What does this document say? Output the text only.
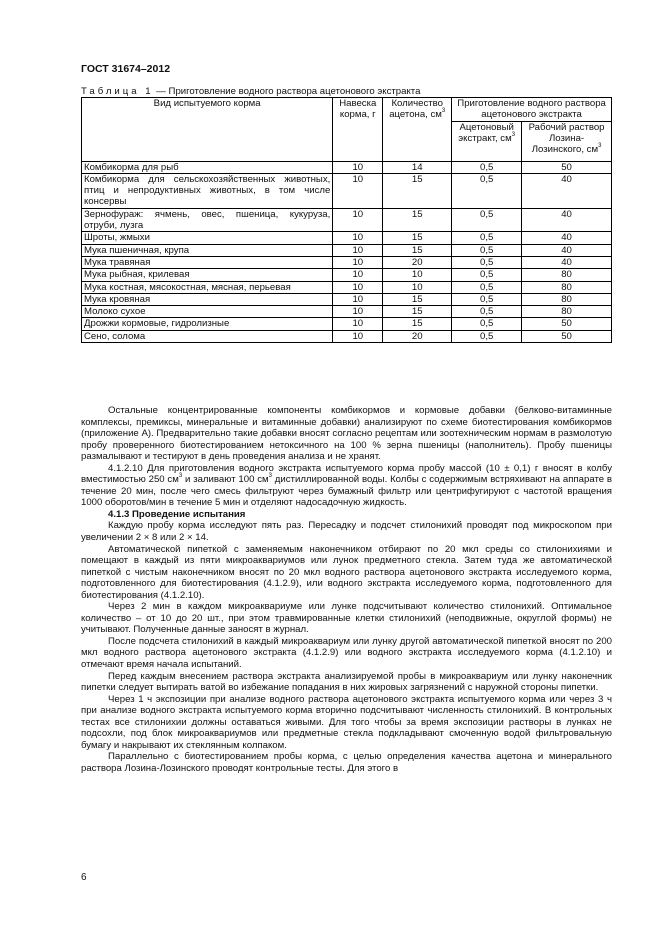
ГОСТ 31674–2012
Таблица 1 — Приготовление водного раствора ацетонового экстракта
Вид испытуемого корма	Навеска корма, г	Количество ацетона, $см^3$	Приготовление водного раствора ацетонового экстракта	
			Ацетоновый экстракт, $см^3$	Рабочий раствор Лозина-Лозинского, $см^3$
Комбикорма для рыб	10	14	0,5	50
Комбикорма для сельскохозяйственных животных, птиц и непродуктивных животных, в том числе консервы	10	15	0,5	40
Зернофураж: ячмень, овес, пшеница, кукуруза, отруби, лузга	10	15	0,5	40
Шроты, жмыхи	10	15	0,5	40
Мука пшеничная, крупа	10	15	0,5	40
Мука травяная	10	20	0,5	40
Мука рыбная, крилевая	10	10	0,5	80
Мука костная, мясокостная, мясная, перьевая	10	10	0,5	80
Мука кровяная	10	15	0,5	80
Молоко сухое	10	15	0,5	80
Дрожжи кормовые, гидролизные	10	15	0,5	50
Сено, солома	10	20	0,5	50

Остальные концентрированные компоненты комбикормов и кормовые добавки (белково-витаминные комплексы, премиксы, минеральные и витаминные добавки) анализируют по схеме биотестирования комбикормов (приложение А). Предварительно такие добавки вносят согласно рецептам или зоотехническим нормам в размолотую пробу проверенного биотестированием нетоксичного на 100 % зерна пшеницы (наполнитель). Пробу пшеницы размалывают и тестируют в день проведения анализа и не хранят.

4.1.2.10 Для приготовления водного экстракта испытуемого корма пробу массой (10 ± 0,1) г вносят в колбу вместимостью 250 $см^3$ и заливают 100 $см^3$ дистиллированной воды. Колбы с содержимым встряхивают на аппарате в течение 20 мин, после чего смесь фильтруют через бумажный фильтр или центрифугируют с частотой вращения 1000 оборотов/мин в течение 5 мин и отделяют надосадочную жидкость.

4.1.3 Проведение испытания

Каждую пробу корма исследуют пять раз. Пересадку и подсчет стилонихий проводят под микроскопом при увеличении 2 × 8 или 2 × 14.

Автоматической пипеткой с заменяемым наконечником отбирают по 20 мкл среды со стилонихиями и помещают в каждый из пяти микроаквариумов или лунок предметного стекла. Затем туда же автоматической пипеткой с чистым наконечником вносят по 20 мкл водного раствора ацетонового экстракта исследуемого корма, подготовленного для биотестирования (4.1.2.9), или водного экстракта исследуемого корма, подготовленного для биотестирования (4.1.2.10).

Через 2 мин в каждом микроаквариуме или лунке подсчитывают количество стилонихий. Оптимальное количество – от 10 до 20 шт., при этом травмированные клетки стилонихий (неподвижные, округлой формы) не учитывают. Полученные данные заносят в журнал.

После подсчета стилонихий в каждый микроаквариум или лунку другой автоматической пипеткой вносят по 200 мкл водного раствора ацетонового экстракта (4.1.2.9) или водного экстракта исследуемого корма (4.1.2.10) и отмечают время начала испытаний.

Перед каждым внесением раствора экстракта анализируемой пробы в микроаквариум или лунку наконечник пипетки следует вытирать ватой во избежание попадания в них жировых загрязнений с наружной стороны пипетки.

Через 1 ч экспозиции при анализе водного раствора ацетонового экстракта испытуемого корма или через 3 ч при анализе водного экстракта испытуемого корма вторично подсчитывают численность стилонихий. В контрольных тестах все стилонихии должны оставаться живыми. Для того чтобы за время экспозиции растворы в лунках не подсохли, под блок микроаквариумов или предметные стекла подкладывают смоченную водой фильтровальную бумагу и накрывают их стеклянным колпаком.

Параллельно с биотестированием пробы корма, с целью определения качества ацетона и минерального раствора Лозина-Лозинского проводят контрольные тесты. Для этого в

6
